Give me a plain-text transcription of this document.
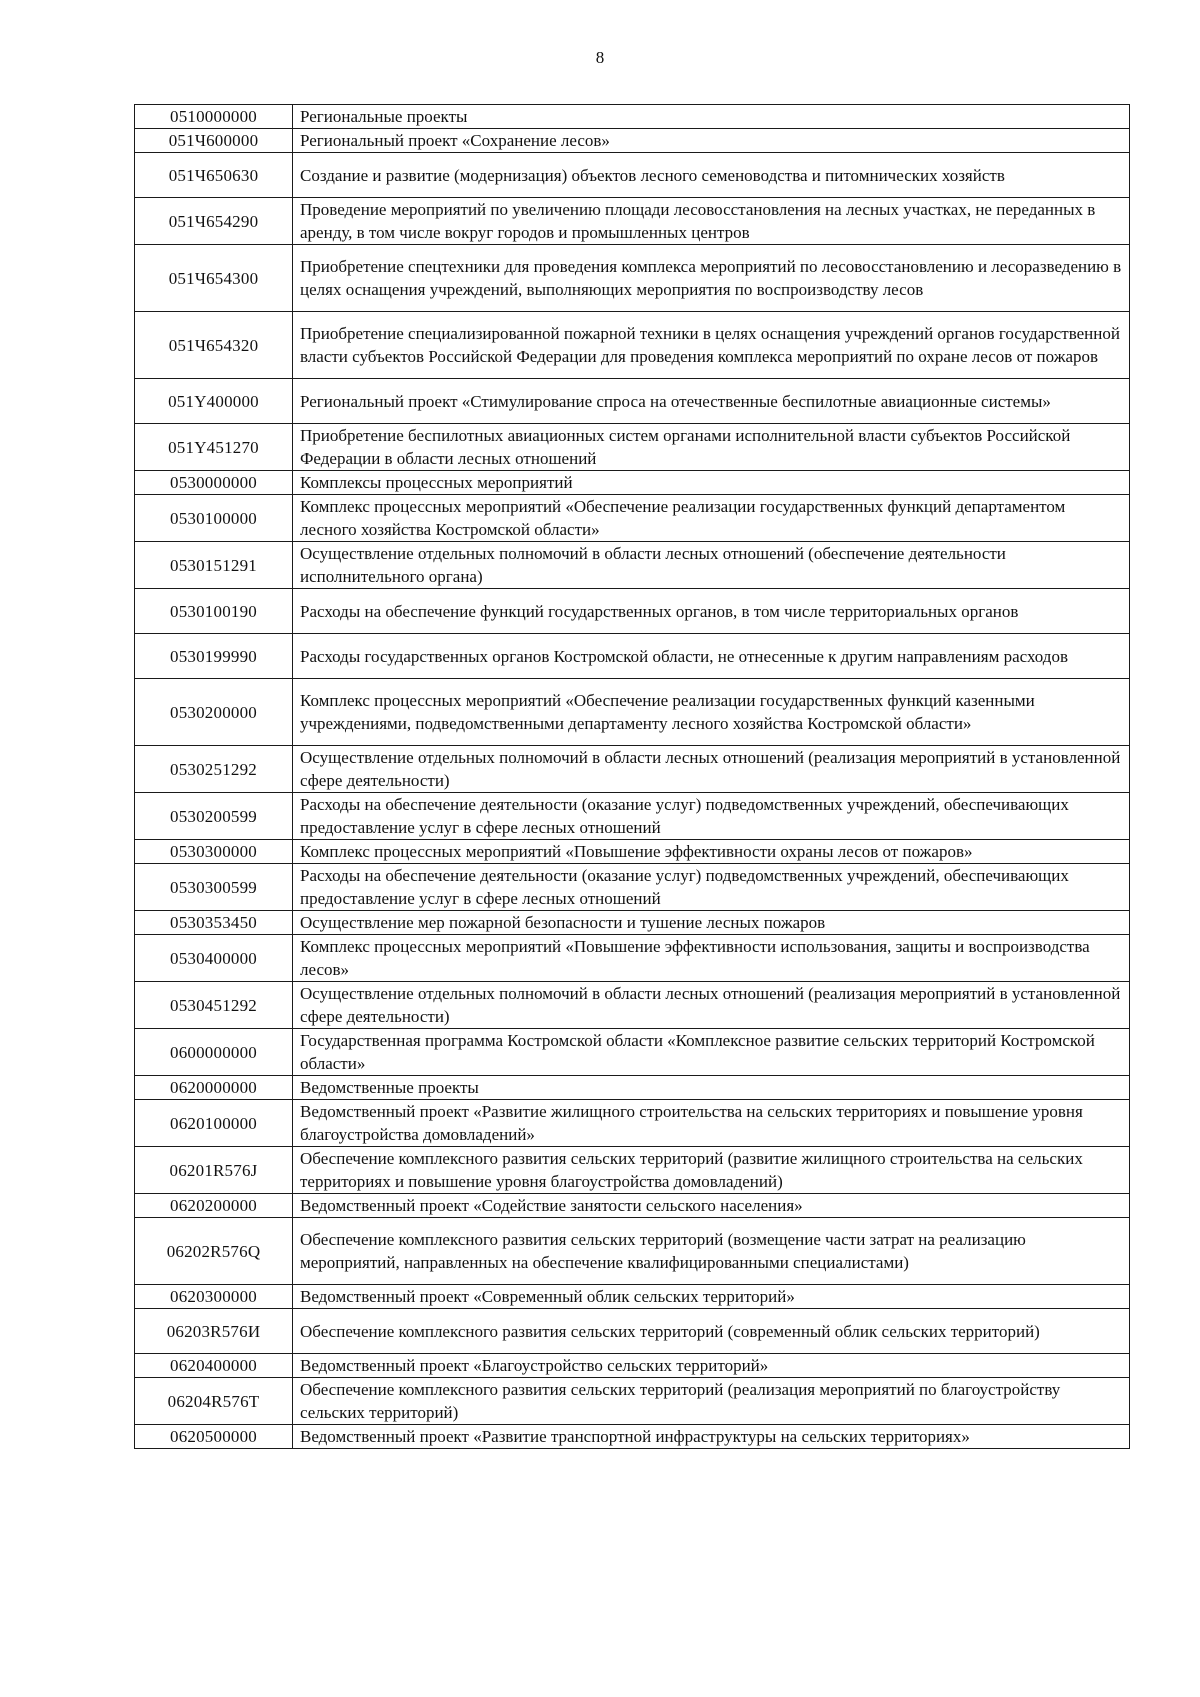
8
0510000000	Региональные проекты
051Ч600000	Региональный проект «Сохранение лесов»
051Ч650630	Создание и развитие (модернизация) объектов лесного семеноводства и питомнических хозяйств
051Ч654290	Проведение мероприятий по увеличению площади лесовосстановления на лесных участках, не переданных в аренду, в том числе вокруг городов и промышленных центров
051Ч654300	Приобретение спецтехники для проведения комплекса мероприятий по лесовосстановлению и лесоразведению в целях оснащения учреждений, выполняющих мероприятия по воспроизводству лесов
051Ч654320	Приобретение специализированной пожарной техники в целях оснащения учреждений органов государственной власти субъектов Российской Федерации для проведения комплекса мероприятий по охране лесов от пожаров
051Y400000	Региональный проект «Стимулирование спроса на отечественные беспилотные авиационные системы»
051Y451270	Приобретение беспилотных авиационных систем органами исполнительной власти субъектов Российской Федерации в области лесных отношений
0530000000	Комплексы процессных мероприятий
0530100000	Комплекс процессных мероприятий «Обеспечение реализации государственных функций департаментом лесного хозяйства Костромской области»
0530151291	Осуществление отдельных полномочий в области лесных отношений (обеспечение деятельности исполнительного органа)
0530100190	Расходы на обеспечение функций государственных органов, в том числе территориальных органов
0530199990	Расходы государственных органов Костромской области, не отнесенные к другим направлениям расходов
0530200000	Комплекс процессных мероприятий «Обеспечение реализации государственных функций казенными учреждениями, подведомственными департаменту лесного хозяйства Костромской области»
0530251292	Осуществление отдельных полномочий в области лесных отношений (реализация мероприятий в установленной сфере деятельности)
0530200599	Расходы на обеспечение деятельности (оказание услуг) подведомственных учреждений, обеспечивающих предоставление услуг в сфере лесных отношений
0530300000	Комплекс процессных мероприятий «Повышение эффективности охраны лесов от пожаров»
0530300599	Расходы на обеспечение деятельности (оказание услуг) подведомственных учреждений, обеспечивающих предоставление услуг в сфере лесных отношений
0530353450	Осуществление мер пожарной безопасности и тушение лесных пожаров
0530400000	Комплекс процессных мероприятий «Повышение эффективности использования, защиты и воспроизводства лесов»
0530451292	Осуществление отдельных полномочий в области лесных отношений (реализация мероприятий в установленной сфере деятельности)
0600000000	Государственная программа Костромской области «Комплексное развитие сельских территорий Костромской области»
0620000000	Ведомственные проекты
0620100000	Ведомственный проект «Развитие жилищного строительства на сельских территориях и повышение уровня благоустройства домовладений»
06201R576J	Обеспечение комплексного развития сельских территорий (развитие жилищного строительства на сельских территориях и повышение уровня благоустройства домовладений)
0620200000	Ведомственный проект «Содействие занятости сельского населения»
06202R576Q	Обеспечение комплексного развития сельских территорий (возмещение части затрат на реализацию мероприятий, направленных на обеспечение квалифицированными специалистами)
0620300000	Ведомственный проект «Современный облик сельских территорий»
06203R576И	Обеспечение комплексного развития сельских территорий (современный облик сельских территорий)
0620400000	Ведомственный проект «Благоустройство сельских территорий»
06204R576T	Обеспечение комплексного развития сельских территорий (реализация мероприятий по благоустройству сельских территорий)
0620500000	Ведомственный проект «Развитие транспортной инфраструктуры на сельских территориях»
